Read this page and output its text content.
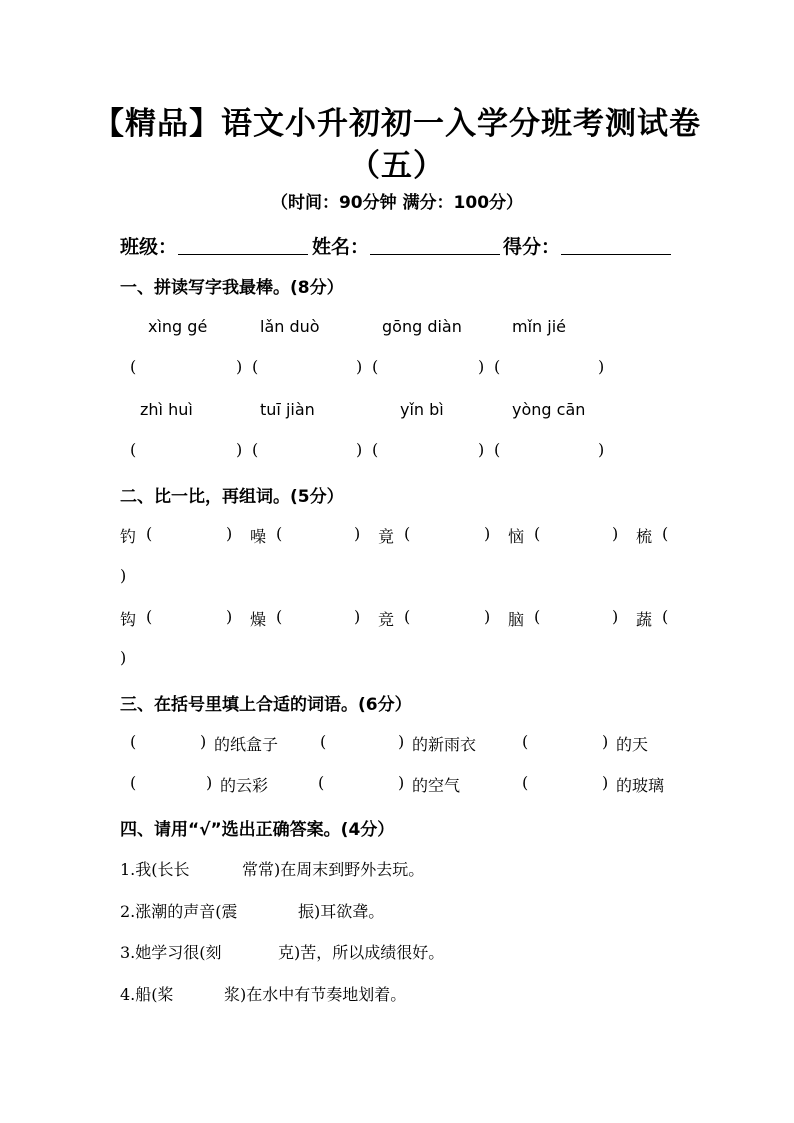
【精品】语文小升初初一入学分班考测试卷
（五）
（时间：90分钟 满分：100分）
班级：	姓名：	得分：
一、拼读写字我最棒。(8分）
xìng gé	lǎn duò	gōng diàn	mǐn jié
(	) (	) (	) (	)
zhì huì	tuī jiàn	yǐn bì	yòng cān
(	) (	) (	) (	)
二、比一比，再组词。(5分）
钓 (	) 噪 (	) 竟 (	) 恼 (	) 梳 (
)
钩 (	) 燥 (	) 竞 (	) 脑 (	) 蔬 (
)
三、在括号里填上合适的词语。(6分）
(	) 的纸盒子	(	) 的新雨衣	(	) 的天
(	) 的云彩	(	) 的空气	(	) 的玻璃
四、请用“√”选出正确答案。(4分）
1.我(长长	常常)在周末到野外去玩。
2.涨潮的声音(震	振)耳欲聋。
3.她学习很(刻	克)苦，所以成绩很好。
4.船(桨	浆)在水中有节奏地划着。
